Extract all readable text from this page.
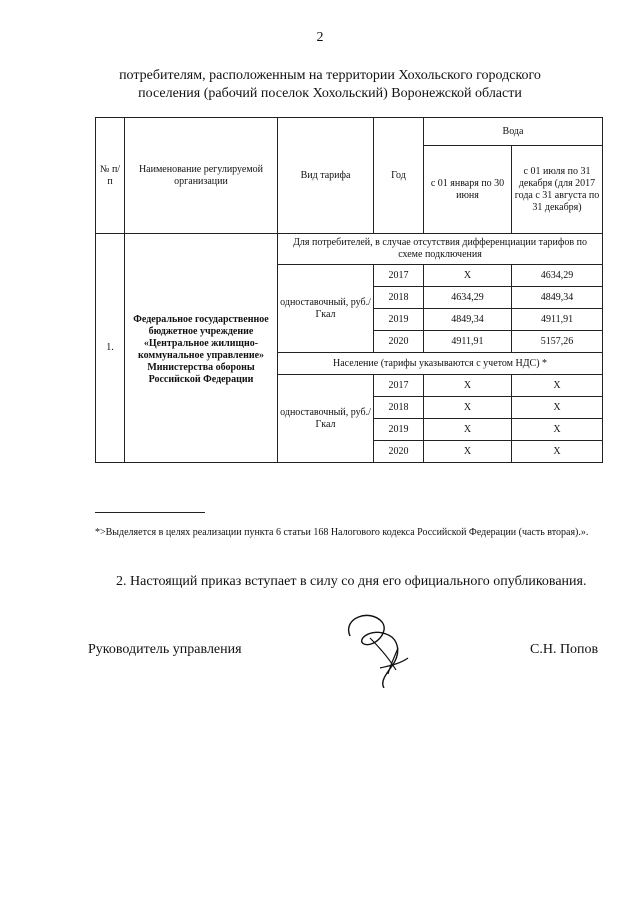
2
потребителям, расположенным на территории Хохольского городского
поселения (рабочий поселок Хохольский) Воронежской области
№ п/п	Наименование регулируемой организации	Вид тарифа	Год	Вода	
				с 01 января по 30 июня	с 01 июля по 31 декабря (для 2017 года с 31 августа по 31 декабря)
1.	Федеральное государственное бюджетное учреждение «Центральное жилищно-коммунальное управление» Министерства обороны Российской Федерации	Для потребителей, в случае отсутствия дифференциации тарифов по схеме подключения			
		одноставочный, руб./Гкал	2017	Х	4634,29
			2018	4634,29	4849,34
			2019	4849,34	4911,91
			2020	4911,91	5157,26
		Население (тарифы указываются с учетом НДС) *			
		одноставочный, руб./Гкал	2017	Х	Х
			2018	Х	Х
			2019	Х	Х
			2020	Х	Х
*>Выделяется в целях реализации пункта 6 статьи 168 Налогового кодекса Российской Федерации (часть вторая).».
2. Настоящий приказ вступает в силу со дня его официального опубликования.
Руководитель управления	С.Н. Попов
